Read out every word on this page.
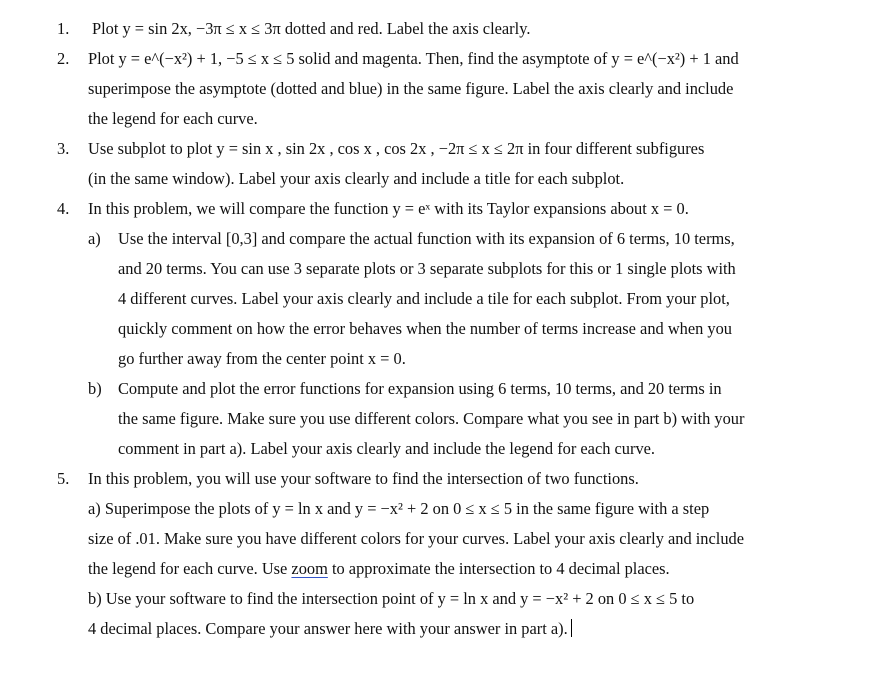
1. Plot y = sin 2x, −3π ≤ x ≤ 3π dotted and red. Label the axis clearly.
2. Plot y = e^(−x²) + 1, −5 ≤ x ≤ 5 solid and magenta. Then, find the asymptote of y = e^(−x²) + 1 and
superimpose the asymptote (dotted and blue) in the same figure. Label the axis clearly and include
the legend for each curve.
3. Use subplot to plot y = sin x , sin 2x , cos x , cos 2x , −2π ≤ x ≤ 2π in four different subfigures
(in the same window). Label your axis clearly and include a title for each subplot.
4. In this problem, we will compare the function y = eˣ with its Taylor expansions about x = 0.
a) Use the interval [0,3] and compare the actual function with its expansion of 6 terms, 10 terms,
and 20 terms. You can use 3 separate plots or 3 separate subplots for this or 1 single plots with
4 different curves. Label your axis clearly and include a tile for each subplot. From your plot,
quickly comment on how the error behaves when the number of terms increase and when you
go further away from the center point x = 0.
b) Compute and plot the error functions for expansion using 6 terms, 10 terms, and 20 terms in
the same figure. Make sure you use different colors. Compare what you see in part b) with your
comment in part a). Label your axis clearly and include the legend for each curve.
5. In this problem, you will use your software to find the intersection of two functions.
a) Superimpose the plots of y = ln x and y = −x² + 2 on 0 ≤ x ≤ 5 in the same figure with a step
size of .01. Make sure you have different colors for your curves. Label your axis clearly and include
the legend for each curve. Use zoom to approximate the intersection to 4 decimal places.
b) Use your software to find the intersection point of y = ln x and y = −x² + 2 on 0 ≤ x ≤ 5 to
4 decimal places. Compare your answer here with your answer in part a).
